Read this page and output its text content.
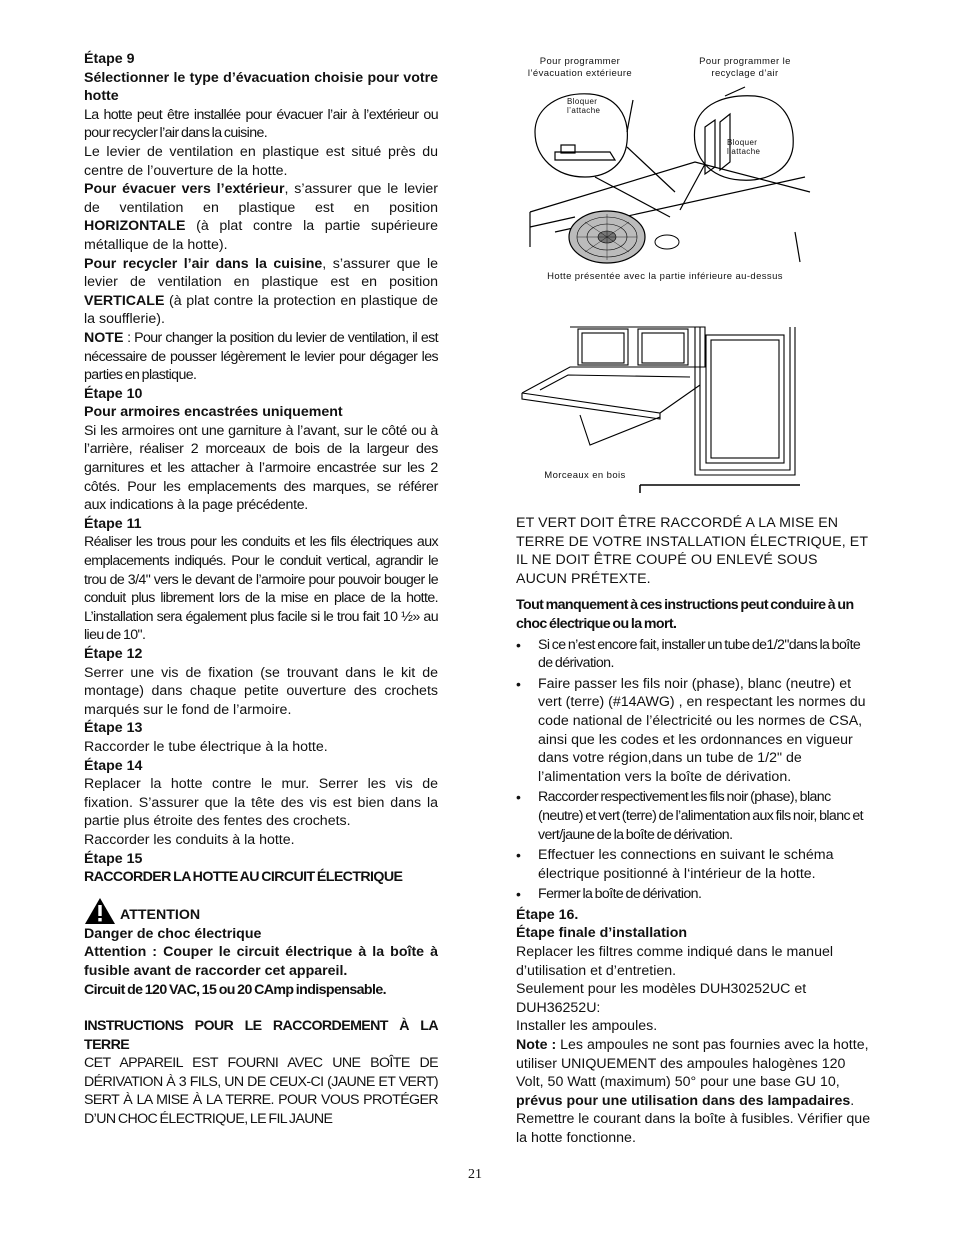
Étape 9

Sélectionner le type d’évacuation choisie pour votre hotte

La hotte peut être installée pour évacuer l’air à l’extérieur ou pour recycler l’air dans la cuisine.

Le levier de ventilation en plastique est situé près du centre de l’ouverture de la hotte.

Pour évacuer vers l’extérieur, s’assurer que le levier de ventilation en plastique est en position HORIZONTALE (à plat contre la partie supérieure métallique de la hotte).

Pour recycler l’air dans la cuisine, s’assurer que le levier de ventilation en plastique est en position VERTICALE (à plat contre la protection en plastique de la soufflerie).

NOTE : Pour changer la position du levier de ventilation, il est nécessaire de pousser légèrement le levier pour dégager les parties en plastique.

Étape 10

Pour armoires encastrées uniquement

Si les armoires ont une garniture à l’avant, sur le côté ou à l’arrière, réaliser 2 morceaux de bois de la largeur des garnitures et les attacher à l’armoire encastrée sur les 2 côtés. Pour les emplacements des marques, se référer aux indications à la page précédente.

Étape 11

Réaliser les trous pour les conduits et les fils électriques aux emplacements indiqués. Pour le conduit vertical, agrandir le trou de 3/4" vers le devant de l’armoire pour pouvoir bouger le conduit plus librement lors de la mise en place de la hotte. L’installation sera également plus facile si le trou fait 10 ½» au lieu de 10".

Étape 12

Serrer une vis de fixation (se trouvant dans le kit de montage) dans chaque petite ouverture des crochets marqués sur le fond de l’armoire.

Étape 13

Raccorder le tube électrique à la hotte.

Étape 14

Replacer la hotte contre le mur. Serrer les vis de fixation. S’assurer que la tête des vis est bien dans la partie plus étroite des fentes des crochets.

Raccorder les conduits à la hotte.

Étape 15

RACCORDER LA HOTTE AU CIRCUIT ÉLECTRIQUE

ATTENTION

Danger de choc électrique

Attention : Couper le circuit électrique à la boîte à fusible avant de raccorder cet appareil.

Circuit de 120 VAC, 15 ou 20 CAmp indispensable.

INSTRUCTIONS POUR LE RACCORDEMENT À LA TERRE

CET APPAREIL EST FOURNI AVEC UNE BOÎTE DE DÉRIVATION À 3 FILS, UN DE CEUX-CI (JAUNE ET VERT) SERT À LA MISE À LA TERRE. POUR VOUS PROTÉGER D’UN CHOC ÉLECTRIQUE, LE FIL JAUNE

Pour programmer l’évacuation extérieure
Pour programmer le recyclage d’air
Bloquer l’attache
Bloquer l’attache
Hotte présentée avec la partie inférieure au-dessus
Morceaux en bois

ET VERT DOIT ÊTRE RACCORDÉ A LA MISE EN TERRE DE VOTRE INSTALLATION ÉLECTRIQUE, ET IL NE DOIT ÊTRE COUPÉ OU ENLEVÉ SOUS AUCUN PRÉTEXTE.

Tout manquement à ces instructions peut conduire à un choc électrique ou la mort.

• Si ce n’est encore fait, installer un tube de1/2"dans la boîte de dérivation.
• Faire passer les fils noir (phase), blanc (neutre) et vert (terre) (#14AWG) , en respectant les normes du code national de l’électricité ou les normes de CSA, ainsi que les codes et les ordonnances en vigueur dans votre région,dans un tube de 1/2" de l’alimentation vers la boîte de dérivation.
• Raccorder respectivement les fils noir (phase), blanc (neutre) et vert (terre) de l’alimentation aux fils noir, blanc et vert/jaune de la boîte de dérivation.
• Effectuer les connections en suivant le schéma électrique positionné à l‘intérieur de la hotte.
• Fermer la boîte de dérivation.

Étape 16.

Étape finale d’installation

Replacer les filtres comme indiqué dans le manuel d’utilisation et d’entretien.

Seulement pour les modèles DUH30252UC et DUH36252U:

Installer les ampoules.

Note : Les ampoules ne sont pas fournies avec la hotte, utiliser UNIQUEMENT des ampoules halogènes 120 Volt, 50 Watt (maximum) 50° pour une base GU 10, prévus pour une utilisation dans des lampadaires.

Remettre le courant dans la boîte à fusibles. Vérifier que la hotte fonctionne.

21
